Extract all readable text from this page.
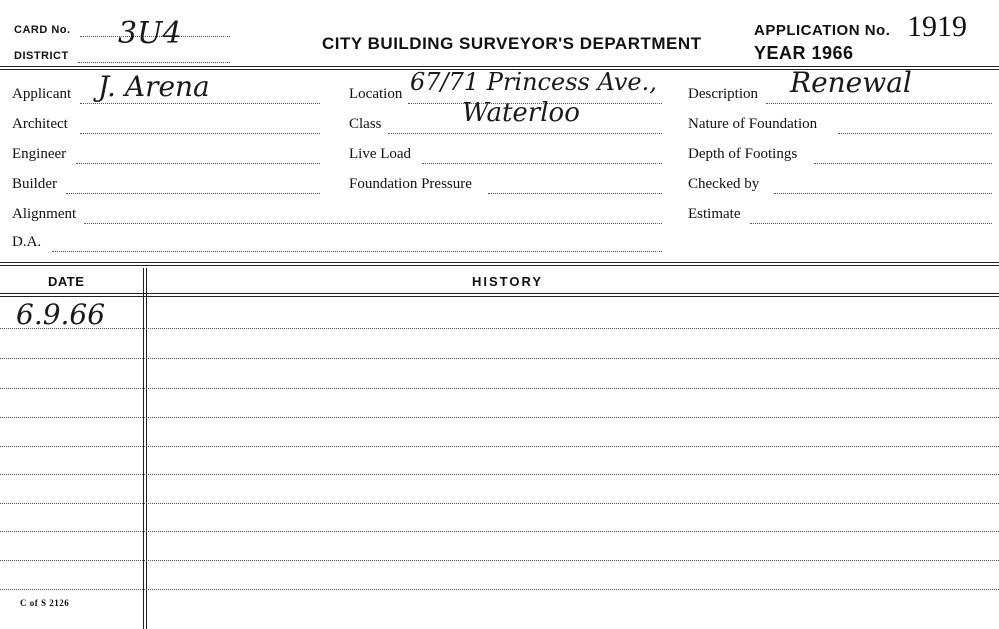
CARD No. 3U4
DISTRICT
CITY BUILDING SURVEYOR'S DEPARTMENT
APPLICATION No. 1919
YEAR 1966
Applicant J. Arena
Architect
Engineer
Builder
Alignment
D.A.
Location 67/71 Princess Ave.,
Class	Waterloo
Live Load
Foundation Pressure
Description Renewal
Nature of Foundation
Depth of Footings
Checked by
Estimate
DATE	HISTORY
6.9.66
C of S 2126
